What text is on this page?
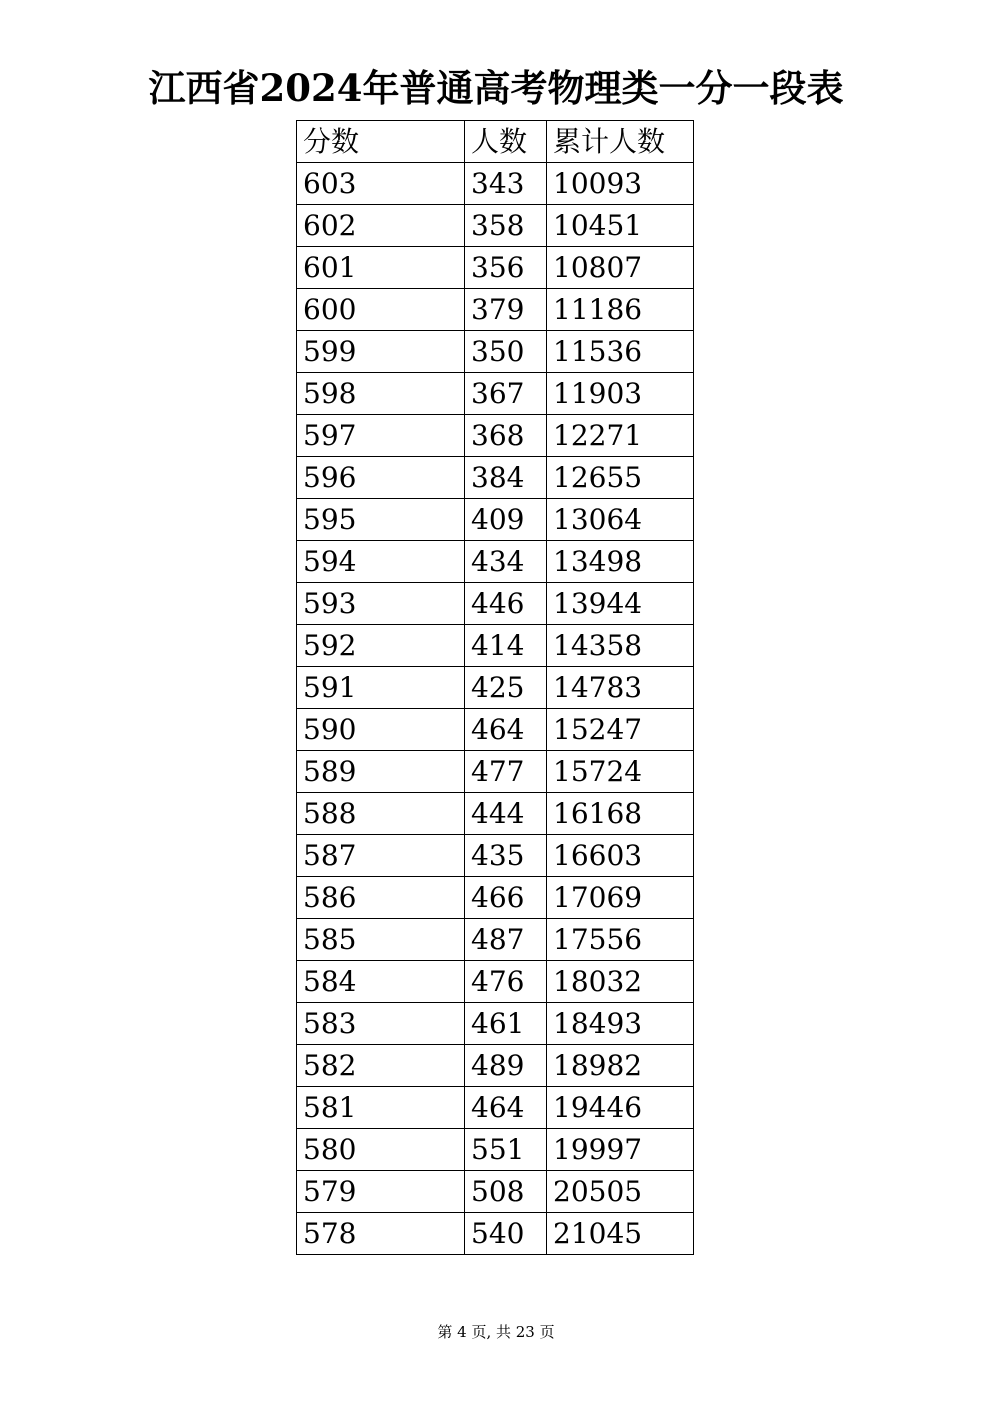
江西省2024年普通高考物理类一分一段表
分数	人数	累计人数
603	343	10093
602	358	10451
601	356	10807
600	379	11186
599	350	11536
598	367	11903
597	368	12271
596	384	12655
595	409	13064
594	434	13498
593	446	13944
592	414	14358
591	425	14783
590	464	15247
589	477	15724
588	444	16168
587	435	16603
586	466	17069
585	487	17556
584	476	18032
583	461	18493
582	489	18982
581	464	19446
580	551	19997
579	508	20505
578	540	21045
第 4 页, 共 23 页
